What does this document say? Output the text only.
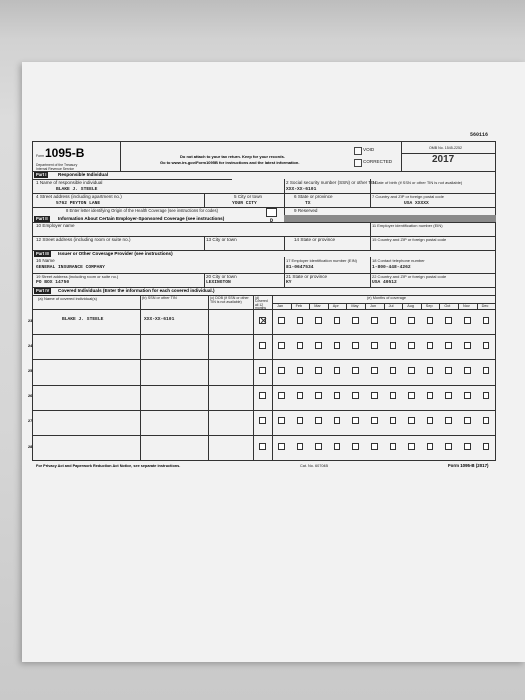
560116
Form 1095-B
Department of the Treasury
Internal Revenue Service
Do not attach to your tax return. Keep for your records.
Go to www.irs.gov/Form1095B for instructions and the latest information.
VOID
CORRECTED
OMB No. 1545-2252
2017
Part I	Responsible Individual
1 Name of responsible individual
BLAKE J. STEELE
2 Social security number (SSN) or other TIN
XXX-XX-6101
3 Date of birth (if SSN or other TIN is not available)
4 Street address (including apartment no.)
5762 PEYTON LANE
5 City or town
YOUR CITY
6 State or province
TX
7 Country and ZIP or foreign postal code
USA XXXXX
8 Enter letter identifying Origin of the Health Coverage (see instructions for codes)
D
9 Reserved
Part II	Information About Certain Employer-Sponsored Coverage (see instructions)
10 Employer name	11 Employer identification number (EIN)
12 Street address (including room or suite no.)	13 City or town	14 State or province	15 Country and ZIP or foreign postal code
Part III	Issuer or Other Coverage Provider (see instructions)
16 Name
GENERAL INSURANCE COMPANY
17 Employer identification number (EIN)
81-0647534
18 Contact telephone number
1-800-448-4262
19 Street address (including room or suite no.)
PO BOX 14750
20 City or town
LEXINGTON
21 State or province
KY
22 Country and ZIP or foreign postal code
USA 40512
Part IV	Covered Individuals (Enter the information for each covered individual.)
(a) Name of covered individual(s)	(b) SSN or other TIN	(c) DOB (if SSN or other TIN is not available)
(d) Covered all 12 months
(e) Months of coverage
Jan	Feb	Mar	Apr	May	Jun	Jul	Aug	Sep	Oct	Nov	Dec
23	BLAKE J. STEELE	XXX-XX-6101
24
25
26
27
28
For Privacy Act and Paperwork Reduction Act Notice, see separate instructions.	Cat. No. 60704B	Form 1095-B (2017)
